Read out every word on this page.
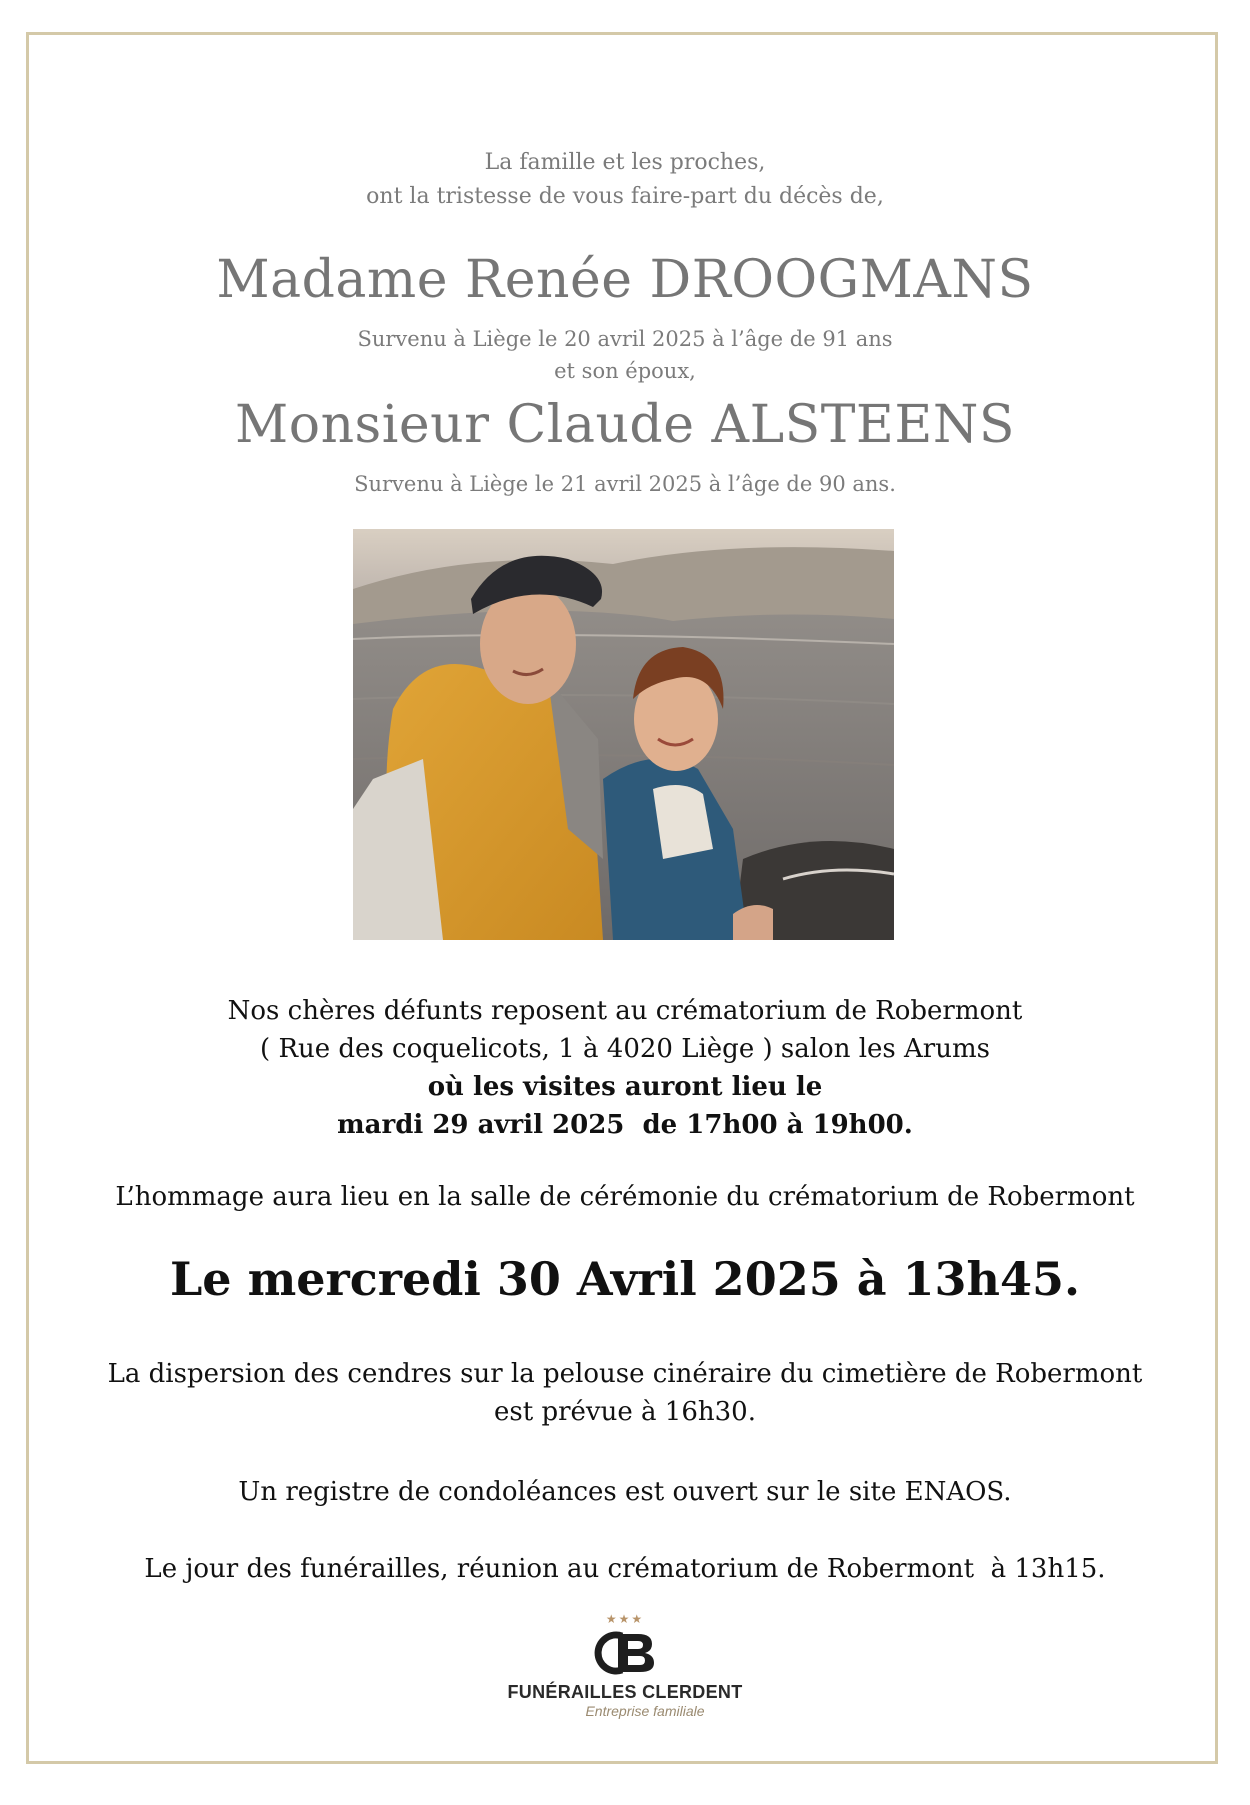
La famille et les proches,
ont la tristesse de vous faire-part du décès de,
Madame Renée DROOGMANS
Survenu à Liège le 20 avril 2025 à l’âge de 91 ans
et son époux,
Monsieur Claude ALSTEENS
Survenu à Liège le 21 avril 2025 à l’âge de 90 ans.
Nos chères défunts reposent au crématorium de Robermont
( Rue des coquelicots, 1 à 4020 Liège ) salon les Arums
où les visites auront lieu le
mardi 29 avril 2025  de 17h00 à 19h00.
L’hommage aura lieu en la salle de cérémonie du crématorium de Robermont
Le mercredi 30 Avril 2025 à 13h45.
La dispersion des cendres sur la pelouse cinéraire du cimetière de Robermont
est prévue à 16h30.
Un registre de condoléances est ouvert sur le site ENAOS.
Le jour des funérailles, réunion au crématorium de Robermont  à 13h15.
★★★
FUNÉRAILLES CLERDENT
Entreprise familiale
